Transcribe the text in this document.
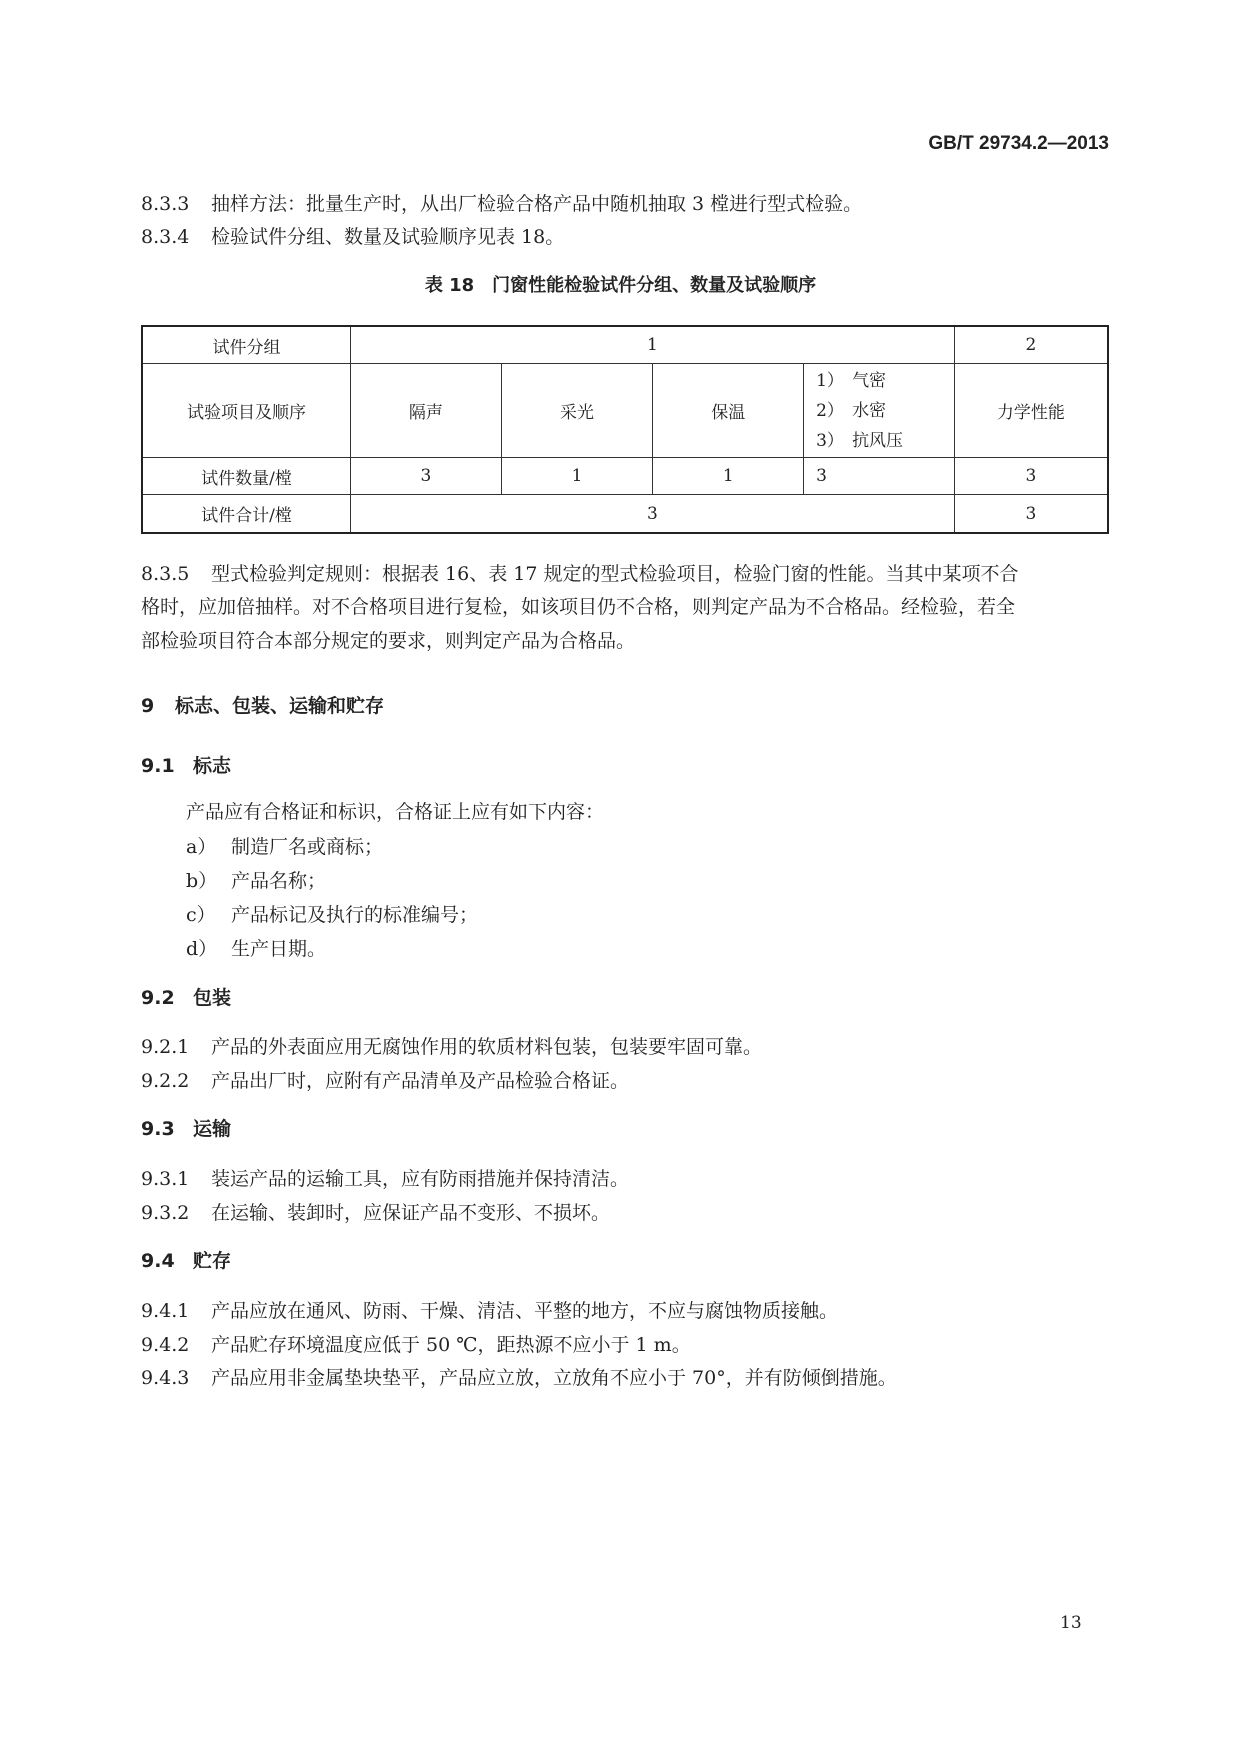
GB/T 29734.2—2013
8.3.3 抽样方法：批量生产时，从出厂检验合格产品中随机抽取 3 樘进行型式检验。
8.3.4 检验试件分组、数量及试验顺序见表 18。
表 18　门窗性能检验试件分组、数量及试验顺序
试件分组	1				2
试验项目及顺序	隔声	采光	保温	1） 气密
2） 水密
3） 抗风压	力学性能
试件数量/樘	3	1	1	3	3
试件合计/樘	3				3
8.3.5 型式检验判定规则：根据表 16、表 17 规定的型式检验项目，检验门窗的性能。当其中某项不合
格时，应加倍抽样。对不合格项目进行复检，如该项目仍不合格，则判定产品为不合格品。经检验，若全
部检验项目符合本部分规定的要求，则判定产品为合格品。
9 标志、包装、运输和贮存
9.1 标志
产品应有合格证和标识，合格证上应有如下内容：
a） 制造厂名或商标；
b） 产品名称；
c） 产品标记及执行的标准编号；
d） 生产日期。
9.2 包装
9.2.1 产品的外表面应用无腐蚀作用的软质材料包装，包装要牢固可靠。
9.2.2 产品出厂时，应附有产品清单及产品检验合格证。
9.3 运输
9.3.1 装运产品的运输工具，应有防雨措施并保持清洁。
9.3.2 在运输、装卸时，应保证产品不变形、不损坏。
9.4 贮存
9.4.1 产品应放在通风、防雨、干燥、清洁、平整的地方，不应与腐蚀物质接触。
9.4.2 产品贮存环境温度应低于 50 ℃，距热源不应小于 1 m。
9.4.3 产品应用非金属垫块垫平，产品应立放，立放角不应小于 70°，并有防倾倒措施。
13
